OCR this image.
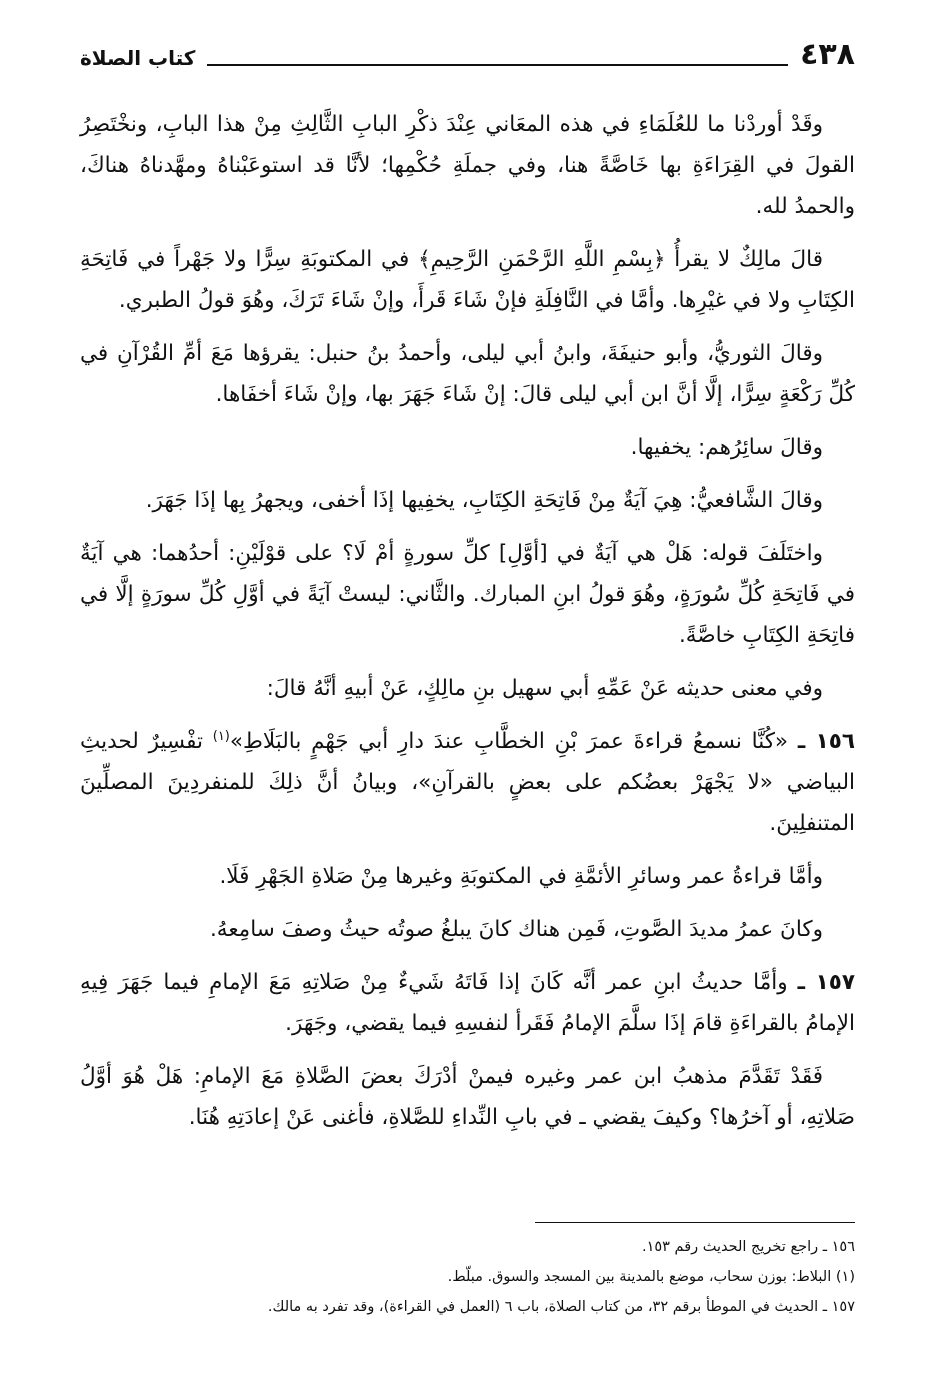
٤٣٨
كتاب الصلاة

وقَدْ أوردْنا ما للعُلَمَاءِ في هذه المعَاني عِنْدَ ذكْرِ البابِ الثَّالِثِ مِنْ هذا البابِ، ونخْتَصِرُ القولَ في القِرَاءَةِ بها خَاصَّةً هنا، وفي جملَةِ حُكْمِها؛ لأنَّا قد استوعَبْناهُ ومهَّدناهُ هناكَ، والحمدُ لله.

قالَ مالِكٌ لا يقرأُ ﴿بِسْمِ اللَّهِ الرَّحْمَنِ الرَّحِيمِ﴾ في المكتوبَةِ سِرًّا ولا جَهْراً في فَاتِحَةِ الكِتَابِ ولا في غيْرِها. وأمَّا في النَّافِلَةِ فإنْ شَاءَ قَرأَ، وإنْ شَاءَ تَرَكَ، وهُوَ قولُ الطبري.

وقالَ الثوريُّ، وأبو حنيفَةَ، وابنُ أبي ليلى، وأحمدُ بنُ حنبل: يقرؤها مَعَ أمِّ القُرْآنِ في كُلِّ رَكْعَةٍ سِرًّا، إلَّا أنَّ ابن أبي ليلى قالَ: إنْ شَاءَ جَهَرَ بها، وإنْ شَاءَ أخفَاها.

وقالَ سائِرُهم: يخفيها.

وقالَ الشَّافعيُّ: هِيَ آيَةٌ مِنْ فَاتِحَةِ الكِتَابِ، يخفِيها إذَا أخفى، ويجهرُ بِها إذَا جَهَرَ.

واختَلَفَ قوله: هَلْ هي آيَةٌ في [أوَّلِ] كلِّ سورةٍ أمْ لَا؟ على قوْلَيْنِ: أحدُهما: هي آيَةٌ في فَاتِحَةِ كُلِّ سُورَةٍ، وهُوَ قولُ ابنِ المبارك. والثَّاني: ليستْ آيَةً في أوَّلِ كُلِّ سورَةٍ إلَّا في فاتِحَةِ الكِتَابِ خاصَّةً.

وفي معنى حديثه عَنْ عَمِّهِ أبي سهيل بنِ مالِكٍ، عَنْ أبيهِ أنَّهُ قالَ:

١٥٦ ـ «كُنَّا نسمعُ قراءةَ عمرَ بْنِ الخطَّابِ عندَ دارِ أبي جَهْمٍ بالبَلَاطِ»$^{(١)}$ تفْسِيرٌ لحديثِ البياضي «لا يَجْهَرْ بعضُكم على بعضٍ بالقرآنِ»، وبيانُ أنَّ ذلِكَ للمنفردِينَ المصلِّينَ المتنفلِينَ.

وأمَّا قراءةُ عمر وسائرِ الأئمَّةِ في المكتوبَةِ وغيرها مِنْ صَلاةِ الجَهْرِ فَلَا.

وكانَ عمرُ مديدَ الصَّوتِ، فَمِن هناك كانَ يبلغُ صوتُه حيثُ وصفَ سامِعهُ.

١٥٧ ـ وأمَّا حديثُ ابنِ عمر أنَّه كَانَ إذا فَاتَهُ شَيءٌ مِنْ صَلاتِهِ مَعَ الإمامِ فيما جَهَرَ فِيهِ الإمامُ بالقراءَةِ قامَ إذَا سلَّمَ الإمامُ فَقَرأ لنفسِهِ فيما يقضي، وجَهَرَ.

فَقَدْ تَقَدَّمَ مذهبُ ابن عمر وغيره فيمنْ أدْرَكَ بعضَ الصَّلاةِ مَعَ الإمامِ: هَلْ هُوَ أوَّلُ صَلاتِهِ، أو آخرُها؟ وكيفَ يقضي ـ في بابِ النِّداءِ للصَّلاةِ، فأغنى عَنْ إعادَتِهِ هُنَا.

١٥٦ ـ راجع تخريج الحديث رقم ١٥٣.
(١) البلاط: بوزن سحاب، موضع بالمدينة بين المسجد والسوق. مبلّط.
١٥٧ ـ الحديث في الموطأ برقم ٣٢، من كتاب الصلاة، باب ٦ (العمل في القراءة)، وقد تفرد به مالك.
